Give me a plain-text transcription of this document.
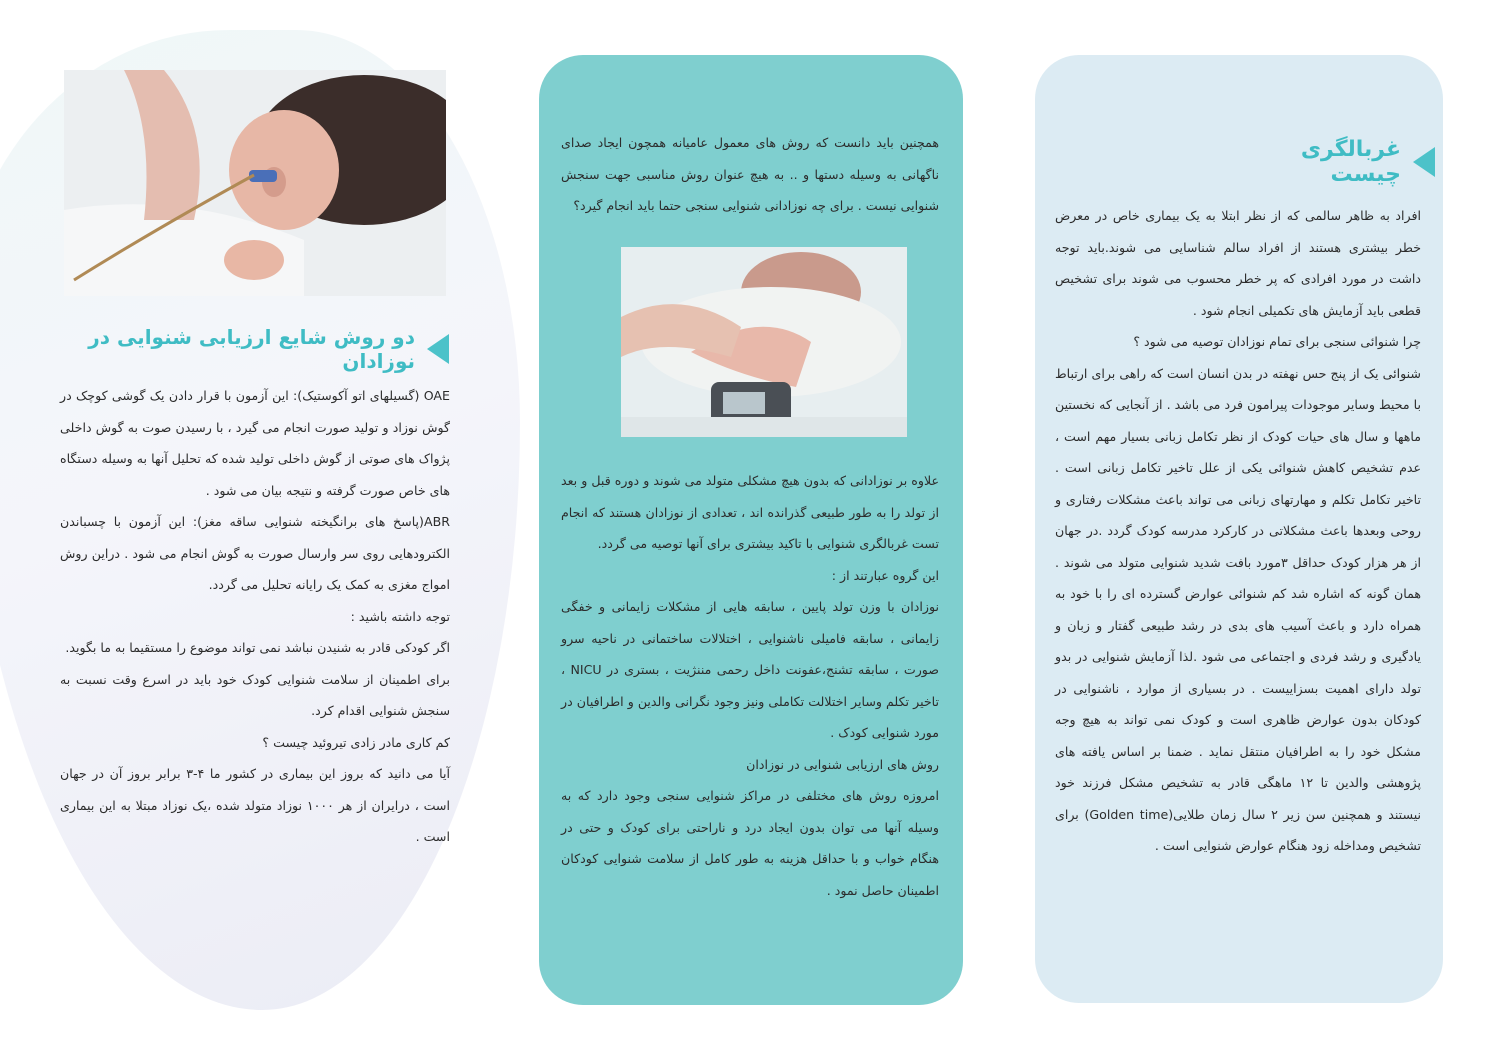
غربالگری چیست

افراد به ظاهر سالمی که از نظر ابتلا به یک بیماری خاص در معرض خطر بیشتری هستند از افراد سالم شناسایی می شوند.باید توجه داشت در مورد افرادی که پر خطر محسوب می شوند برای تشخیص قطعی باید آزمایش های تکمیلی انجام شود .

چرا شنوائی سنجی برای تمام نوزادان توصیه می شود ؟

شنوائی یک از پنج حس نهفته در بدن انسان است که راهی برای ارتباط با محیط وسایر موجودات پیرامون فرد می باشد . از آنجایی که نخستین ماهها و سال های حیات کودک از نظر تکامل زبانی بسیار مهم است ، عدم تشخیص کاهش شنوائی یکی از علل تاخیر تکامل زبانی است . تاخیر تکامل تکلم و مهارتهای زبانی می تواند باعث مشکلات رفتاری و روحی وبعدها باعث مشکلاتی در کارکرد مدرسه کودک گردد .در جهان از هر هزار کودک حداقل ۳مورد بافت شدید شنوایی متولد می شوند . همان گونه که اشاره شد کم شنوائی عوارض گسترده ای را با خود به همراه دارد و باعث آسیب های بدی در رشد طبیعی گفتار و زبان و یادگیری و رشد فردی و اجتماعی می شود .لذا آزمایش شنوایی در بدو تولد دارای اهمیت بسزاییست . در بسیاری از موارد ، ناشنوایی در کودکان بدون عوارض ظاهری است و کودک نمی تواند به هیچ وجه مشکل خود را به اطرافیان منتقل نماید . ضمنا بر اساس یافته های پژوهشی والدین تا ۱۲ ماهگی قادر به تشخیص مشکل فرزند خود نیستند و همچنین سن زیر ۲ سال زمان طلایی(Golden time) برای تشخیص ومداخله زود هنگام عوارض شنوایی است .

همچنین باید دانست که روش های معمول عامیانه همچون ایجاد صدای ناگهانی به وسیله دستها و .. به هیچ عنوان روش مناسبی جهت سنجش شنوایی نیست . برای چه نوزادانی شنوایی سنجی حتما باید انجام گیرد؟

علاوه بر نوزادانی که بدون هیچ مشکلی متولد می شوند و دوره قبل و بعد از تولد را به طور طبیعی گذرانده اند ، تعدادی از نوزادان هستند که انجام تست غربالگری شنوایی با تاکید بیشتری برای آنها توصیه می گردد.

این گروه عبارتند از :

نوزادان با وزن تولد پایین ، سابقه هایی از مشکلات زایمانی و خفگی زایمانی ، سابقه فامیلی ناشنوایی ، اختلالات ساختمانی در ناحیه سرو صورت ، سابقه تشنج،عفونت داخل رحمی مننژیت ، بستری در NICU ، تاخیر تکلم وسایر اختلالت تکاملی ونیز وجود نگرانی والدین و اطرافیان در مورد شنوایی کودک .

روش های ارزیابی شنوایی در نوزادان

امروزه روش های مختلفی در مراکز شنوایی سنجی وجود دارد که به وسیله آنها می توان بدون ایجاد درد و ناراحتی برای کودک و حتی در هنگام خواب و با حداقل هزینه به طور کامل از سلامت شنوایی کودکان اطمینان حاصل نمود .

دو روش شایع ارزیابی شنوایی در نوزادان

OAE (گسیلهای اتو آکوستیک): این آزمون با قرار دادن یک گوشی کوچک در گوش نوزاد و تولید صورت انجام می گیرد ، با رسیدن صوت به گوش داخلی پژواک های صوتی از گوش داخلی تولید شده که تحلیل آنها به وسیله دستگاه های خاص صورت گرفته و نتیجه بیان می شود .

ABR(پاسخ های برانگیخته شنوایی ساقه مغز): این آزمون با چسباندن الکترودهایی روی سر وارسال صورت به گوش انجام می شود . دراین روش امواج مغزی به کمک یک رایانه تحلیل می گردد.

توجه داشته باشید :

اگر کودکی قادر به شنیدن نباشد نمی تواند موضوع را مستقیما به ما بگوید.

برای اطمینان از سلامت شنوایی کودک خود باید در اسرع وقت نسبت به سنجش شنوایی اقدام کرد.

کم کاری مادر زادی تیروئید چیست ؟

آیا می دانید که بروز این بیماری در کشور ما ۴-۳ برابر بروز آن در جهان است ، درایران از هر ۱۰۰۰ نوزاد متولد شده ،یک نوزاد مبتلا به این بیماری است .
